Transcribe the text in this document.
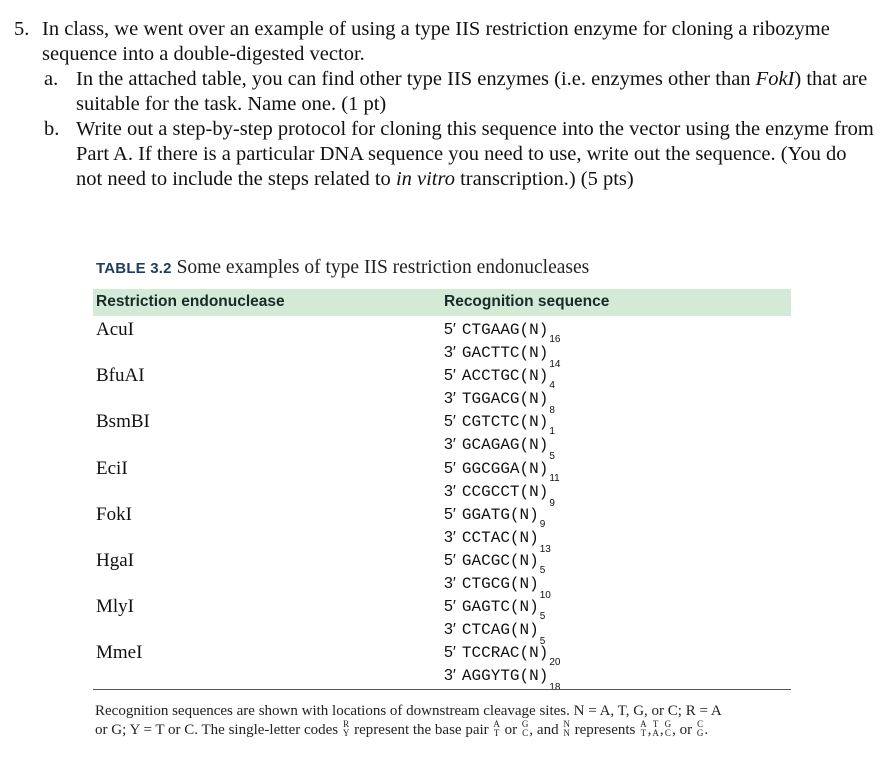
5. In class, we went over an example of using a type IIS restriction enzyme for cloning a ribozyme sequence into a double-digested vector.
a. In the attached table, you can find other type IIS enzymes (i.e. enzymes other than FokI) that are suitable for the task. Name one. (1 pt)
b. Write out a step-by-step protocol for cloning this sequence into the vector using the enzyme from Part A. If there is a particular DNA sequence you need to use, write out the sequence. (You do not need to include the steps related to in vitro transcription.) (5 pts)
TABLE 3.2 Some examples of type IIS restriction endonucleases
Restriction endonuclease	Recognition sequence
AcuI	5′ $CTGAAG(N)_{16}$
3′ $GACTTC(N)_{14}$
BfuAI	5′ $ACCTGC(N)_4$
3′ $TGGACG(N)_8$
BsmBI	5′ $CGTCTC(N)_1$
3′ $GCAGAG(N)_5$
EciI	5′ $GGCGGA(N)_{11}$
3′ $CCGCCT(N)_9$
FokI	5′ $GGATG(N)_9$
3′ $CCTAC(N)_{13}$
HgaI	5′ $GACGC(N)_5$
3′ $CTGCG(N)_{10}$
MlyI	5′ $GAGTC(N)_5$
3′ $CTCAG(N)_5$
MmeI	5′ $TCCRAC(N)_{20}$
3′ $AGGYTG(N)_{18}$
Recognition sequences are shown with locations of downstream cleavage sites. N = A, T, G, or C; R = A
or G; Y = T or C. The single-letter codes R
Y represent the base pair A
T or G
C , and N
N represents A
T , T
A , G
C , or C
G .
